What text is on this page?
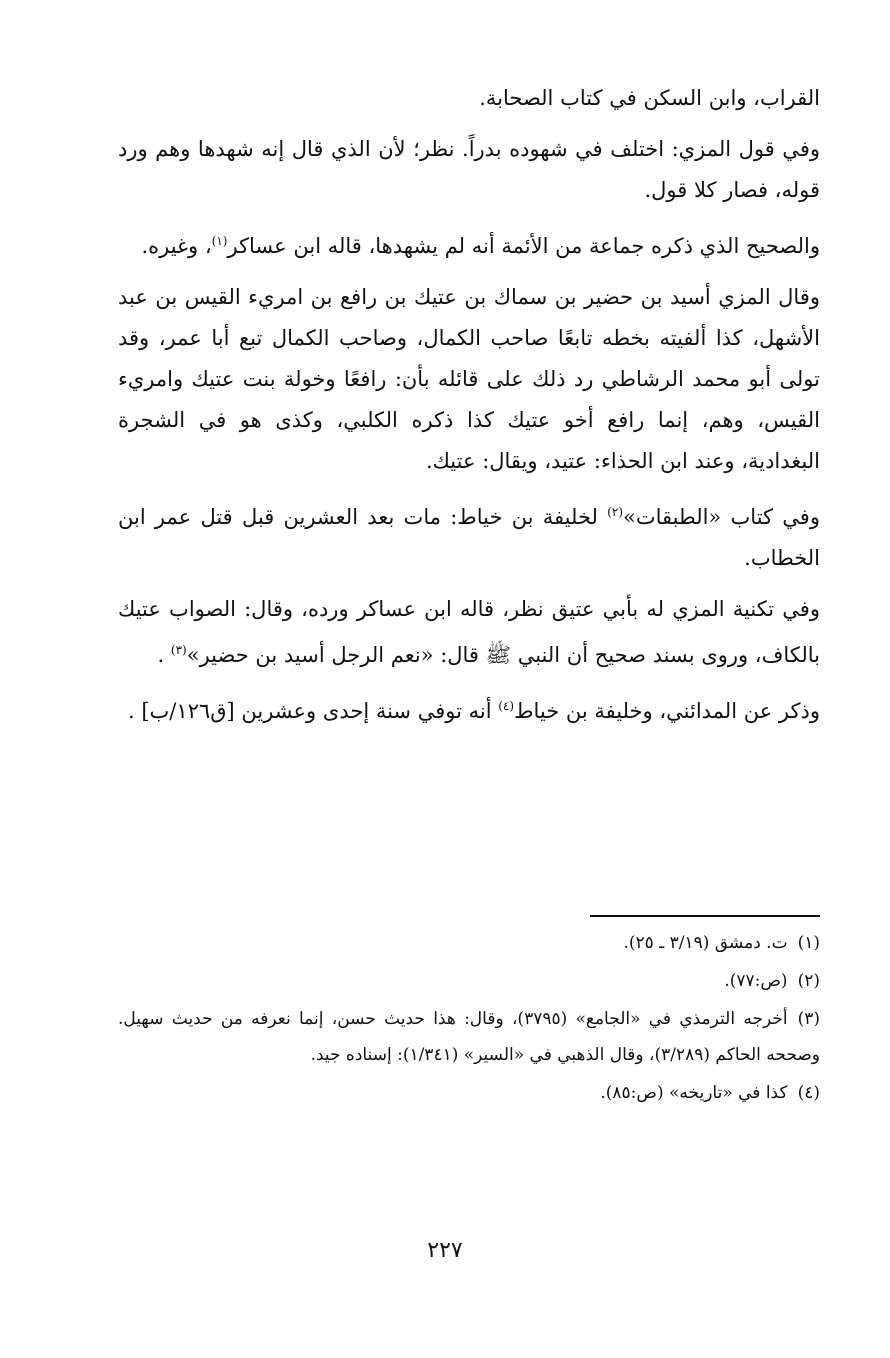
القراب، وابن السكن في كتاب الصحابة.

وفي قول المزي: اختلف في شهوده بدراً. نظر؛ لأن الذي قال إنه شهدها وهم ورد قوله، فصار كلا قول.

والصحيح الذي ذكره جماعة من الأئمة أنه لم يشهدها، قاله ابن عساكر$^{(١)}$، وغيره.

وقال المزي أسيد بن حضير بن سماك بن عتيك بن رافع بن امريء القيس بن عبد الأشهل، كذا ألفيته بخطه تابعًا صاحب الكمال، وصاحب الكمال تبع أبا عمر، وقد تولى أبو محمد الرشاطي رد ذلك على قائله بأن: رافعًا وخولة بنت عتيك وامريء القيس، وهم، إنما رافع أخو عتيك كذا ذكره الكلبي، وكذى هو في الشجرة البغدادية، وعند ابن الحذاء: عتيد، ويقال: عتيك.

وفي كتاب «الطبقات»$^{(٢)}$ لخليفة بن خياط: مات بعد العشرين قبل قتل عمر ابن الخطاب.

وفي تكنية المزي له بأبي عتيق نظر، قاله ابن عساكر ورده، وقال: الصواب عتيك بالكاف، وروى بسند صحيح أن النبي ﷺ قال: «نعم الرجل أسيد بن حضير»$^{(٣)}$ .

وذكر عن المدائني، وخليفة بن خياط$^{(٤)}$ أنه توفي سنة إحدى وعشرين [ق١٢٦/ب] .

(١)ت. دمشق (٣/١٩ ـ ٢٥).

(٢)(ص:٧٧).

(٣)أخرجه الترمذي في «الجامع» (٣٧٩٥)، وقال: هذا حديث حسن، إنما نعرفه من حديث سهيل. وصححه الحاكم (٣/٢٨٩)، وقال الذهبي في «السير» (١/٣٤١): إسناده جيد.

(٤)كذا في «تاريخه» (ص:٨٥).

٢٢٧
